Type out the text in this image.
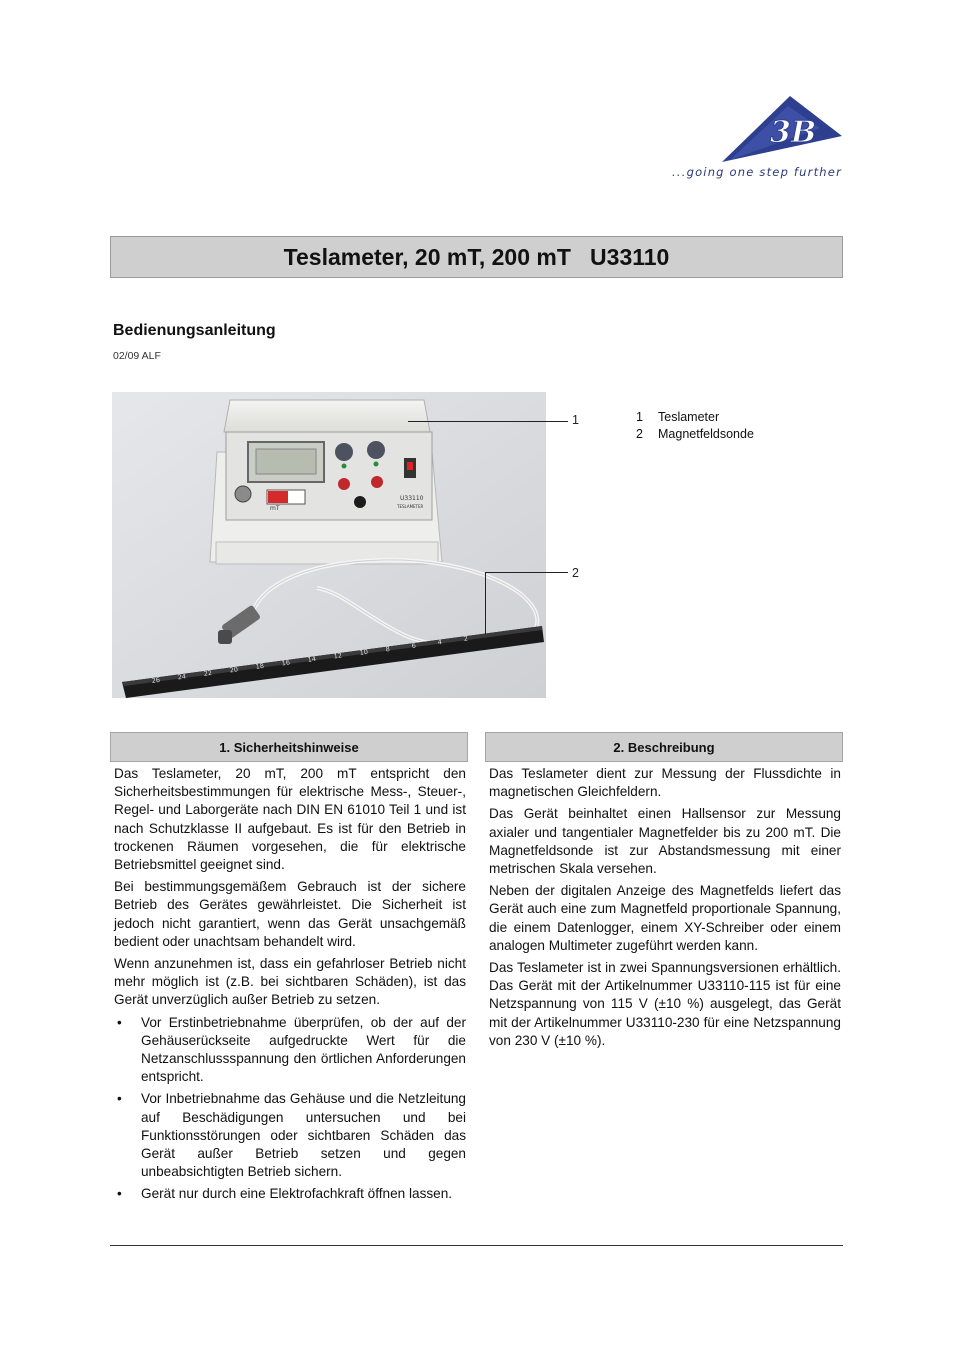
3B R
...going one step further
Teslameter, 20 mT, 200 mT
U33110
Bedienungsanleitung
02/09 ALF
mT
U33110
TESLAMETER
26	24	22	20	18	16	14	12	10	8	6	4	2
1
2
1	Teslameter
2	Magnetfeldsonde
1. Sicherheitshinweise

Das Teslameter, 20 mT, 200 mT entspricht den Sicherheitsbestimmungen für elektrische Mess-, Steuer-, Regel- und Laborgeräte nach DIN EN 61010 Teil 1 und ist nach Schutzklasse II aufgebaut. Es ist für den Betrieb in trockenen Räumen vorgesehen, die für elektrische Betriebsmittel geeignet sind.

Bei bestimmungsgemäßem Gebrauch ist der sichere Betrieb des Gerätes gewährleistet. Die Sicherheit ist jedoch nicht garantiert, wenn das Gerät unsachgemäß bedient oder unachtsam behandelt wird.

Wenn anzunehmen ist, dass ein gefahrloser Betrieb nicht mehr möglich ist (z.B. bei sichtbaren Schäden), ist das Gerät unverzüglich außer Betrieb zu setzen.

• Vor Erstinbetriebnahme überprüfen, ob der auf der Gehäuserückseite aufgedruckte Wert für die Netzanschlussspannung den örtlichen Anforderungen entspricht.
• Vor Inbetriebnahme das Gehäuse und die Netzleitung auf Beschädigungen untersuchen und bei Funktionsstörungen oder sichtbaren Schäden das Gerät außer Betrieb setzen und gegen unbeabsichtigten Betrieb sichern.
• Gerät nur durch eine Elektrofachkraft öffnen lassen.
2. Beschreibung

Das Teslameter dient zur Messung der Flussdichte in magnetischen Gleichfeldern.

Das Gerät beinhaltet einen Hallsensor zur Messung axialer und tangentialer Magnetfelder bis zu 200 mT. Die Magnetfeldsonde ist zur Abstandsmessung mit einer metrischen Skala versehen.

Neben der digitalen Anzeige des Magnetfelds liefert das Gerät auch eine zum Magnetfeld proportionale Spannung, die einem Datenlogger, einem XY-Schreiber oder einem analogen Multimeter zugeführt werden kann.

Das Teslameter ist in zwei Spannungsversionen erhältlich. Das Gerät mit der Artikelnummer U33110-115 ist für eine Netzspannung von 115 V (±10 %) ausgelegt, das Gerät mit der Artikelnummer U33110-230 für eine Netzspannung von 230 V (±10 %).
